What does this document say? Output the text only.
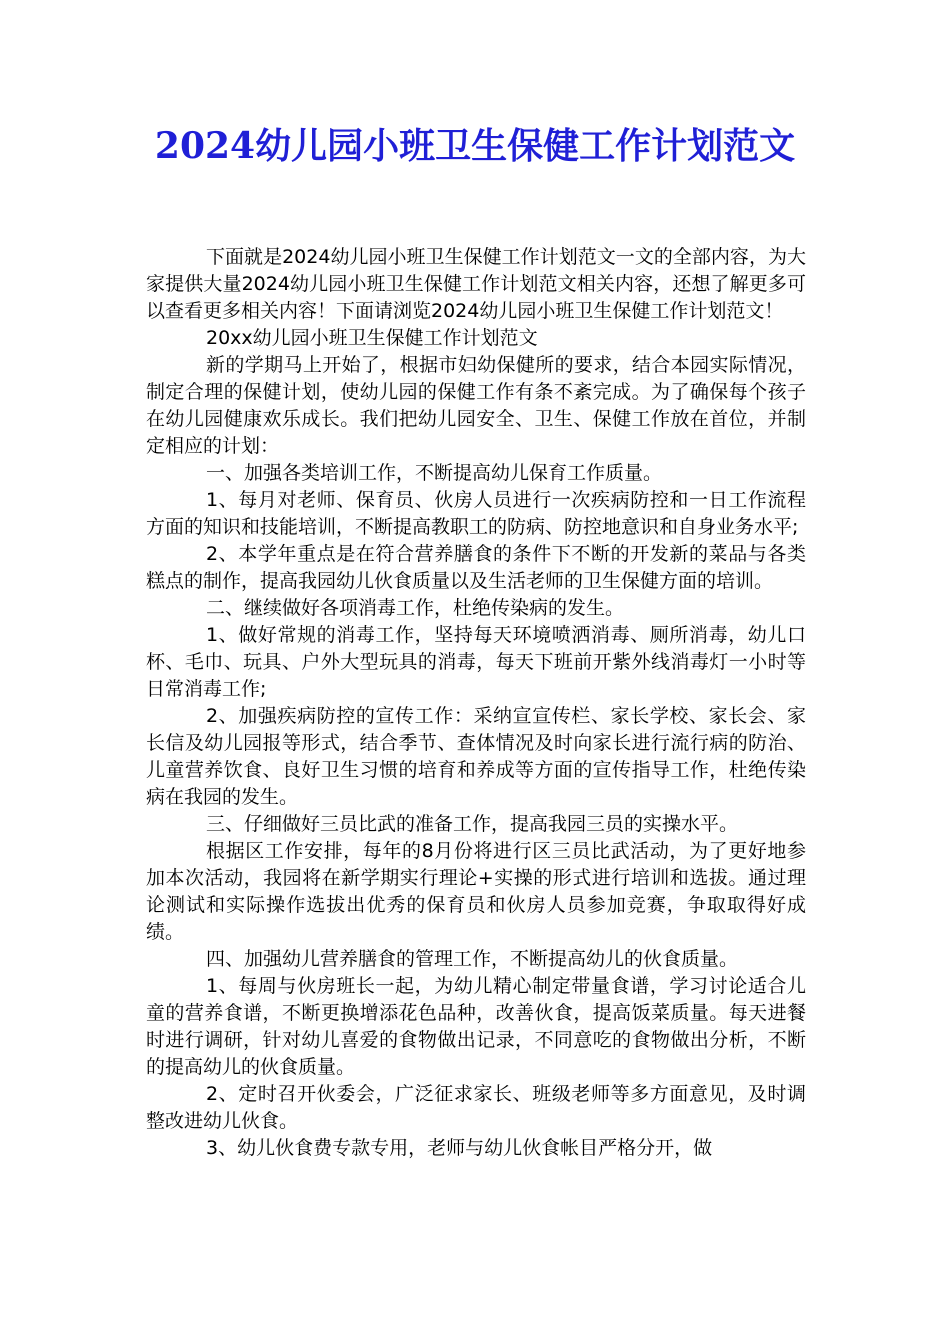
2024幼儿园小班卫生保健工作计划范文

下面就是2024幼儿园小班卫生保健工作计划范文一文的全部内容，为大家提供大量2024幼儿园小班卫生保健工作计划范文相关内容，还想了解更多可以查看更多相关内容！下面请浏览2024幼儿园小班卫生保健工作计划范文！

20xx幼儿园小班卫生保健工作计划范文

新的学期马上开始了，根据市妇幼保健所的要求，结合本园实际情况，制定合理的保健计划，使幼儿园的保健工作有条不紊完成。为了确保每个孩子在幼儿园健康欢乐成长。我们把幼儿园安全、卫生、保健工作放在首位，并制定相应的计划：

一、加强各类培训工作，不断提高幼儿保育工作质量。

1、每月对老师、保育员、伙房人员进行一次疾病防控和一日工作流程方面的知识和技能培训，不断提高教职工的防病、防控地意识和自身业务水平;

2、本学年重点是在符合营养膳食的条件下不断的开发新的菜品与各类糕点的制作，提高我园幼儿伙食质量以及生活老师的卫生保健方面的培训。

二、继续做好各项消毒工作，杜绝传染病的发生。

1、做好常规的消毒工作，坚持每天环境喷洒消毒、厕所消毒，幼儿口杯、毛巾、玩具、户外大型玩具的消毒，每天下班前开紫外线消毒灯一小时等日常消毒工作;

2、加强疾病防控的宣传工作：采纳宣宣传栏、家长学校、家长会、家长信及幼儿园报等形式，结合季节、查体情况及时向家长进行流行病的防治、儿童营养饮食、良好卫生习惯的培育和养成等方面的宣传指导工作，杜绝传染病在我园的发生。

三、仔细做好三员比武的准备工作，提高我园三员的实操水平。

根据区工作安排，每年的8月份将进行区三员比武活动，为了更好地参加本次活动，我园将在新学期实行理论+实操的形式进行培训和选拔。通过理论测试和实际操作选拔出优秀的保育员和伙房人员参加竞赛，争取取得好成绩。

四、加强幼儿营养膳食的管理工作，不断提高幼儿的伙食质量。

1、每周与伙房班长一起，为幼儿精心制定带量食谱，学习讨论适合儿童的营养食谱，不断更换增添花色品种，改善伙食，提高饭菜质量。每天进餐时进行调研，针对幼儿喜爱的食物做出记录，不同意吃的食物做出分析，不断的提高幼儿的伙食质量。

2、定时召开伙委会，广泛征求家长、班级老师等多方面意见，及时调整改进幼儿伙食。

3、幼儿伙食费专款专用，老师与幼儿伙食帐目严格分开，做
